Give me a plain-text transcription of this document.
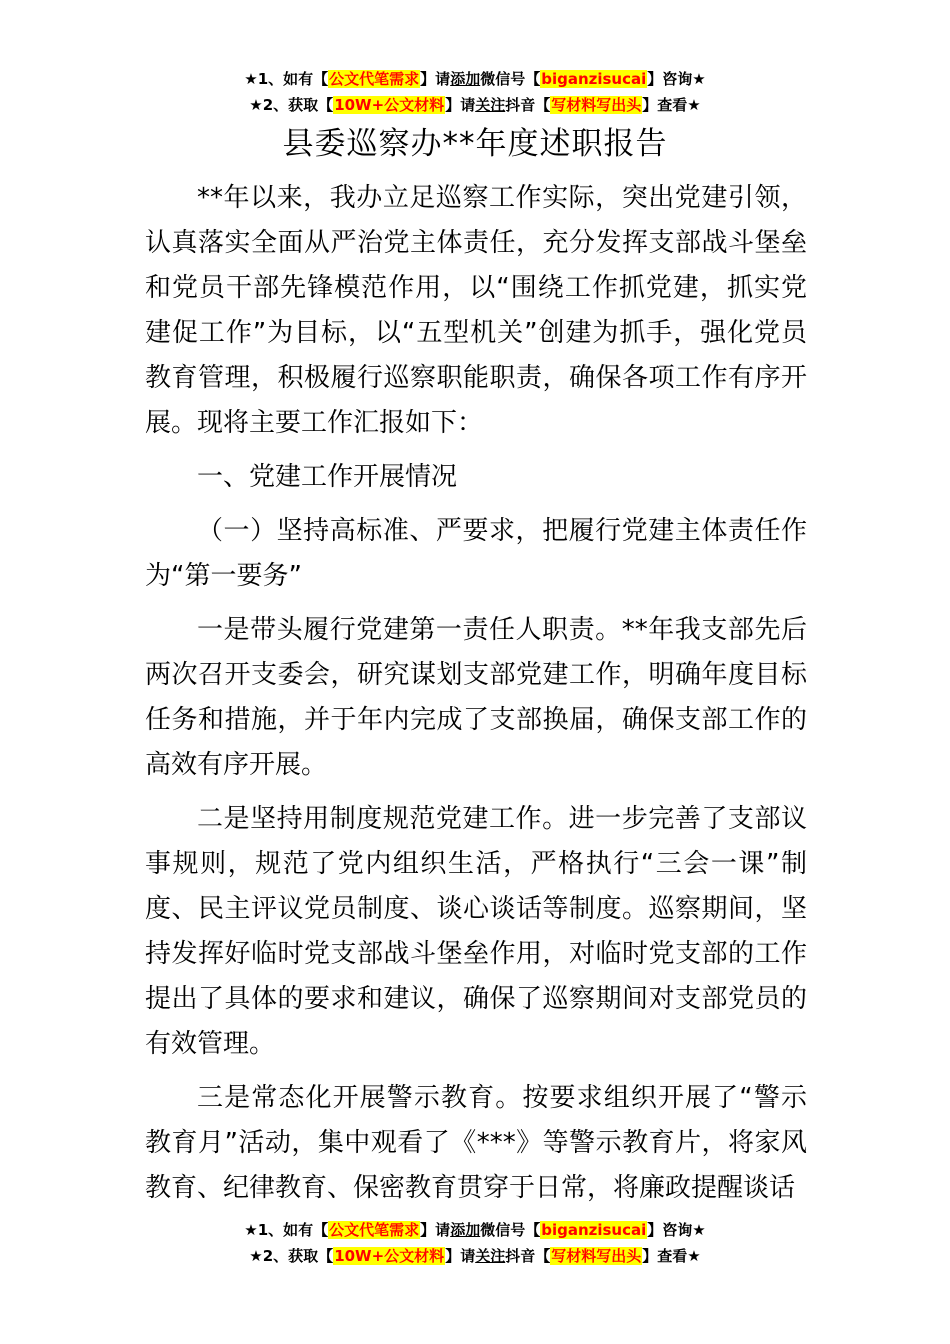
★1、如有【公文代笔需求】请添加微信号【biganzisucai】咨询★
★2、获取【10W+公文材料】请关注抖音【写材料写出头】查看★
县委巡察办**年度述职报告

**年以来，我办立足巡察工作实际，突出党建引领，认真落实全面从严治党主体责任，充分发挥支部战斗堡垒和党员干部先锋模范作用，以“围绕工作抓党建，抓实党建促工作”为目标，以“五型机关”创建为抓手，强化党员教育管理，积极履行巡察职能职责，确保各项工作有序开展。现将主要工作汇报如下：

一、党建工作开展情况

（一）坚持高标准、严要求，把履行党建主体责任作为“第一要务”

一是带头履行党建第一责任人职责。**年我支部先后两次召开支委会，研究谋划支部党建工作，明确年度目标任务和措施，并于年内完成了支部换届，确保支部工作的高效有序开展。

二是坚持用制度规范党建工作。进一步完善了支部议事规则，规范了党内组织生活，严格执行“三会一课”制度、民主评议党员制度、谈心谈话等制度。巡察期间，坚持发挥好临时党支部战斗堡垒作用，对临时党支部的工作提出了具体的要求和建议，确保了巡察期间对支部党员的有效管理。

三是常态化开展警示教育。按要求组织开展了“警示教育月”活动，集中观看了《***》等警示教育片，将家风教育、纪律教育、保密教育贯穿于日常，将廉政提醒谈话

★1、如有【公文代笔需求】请添加微信号【biganzisucai】咨询★
★2、获取【10W+公文材料】请关注抖音【写材料写出头】查看★
